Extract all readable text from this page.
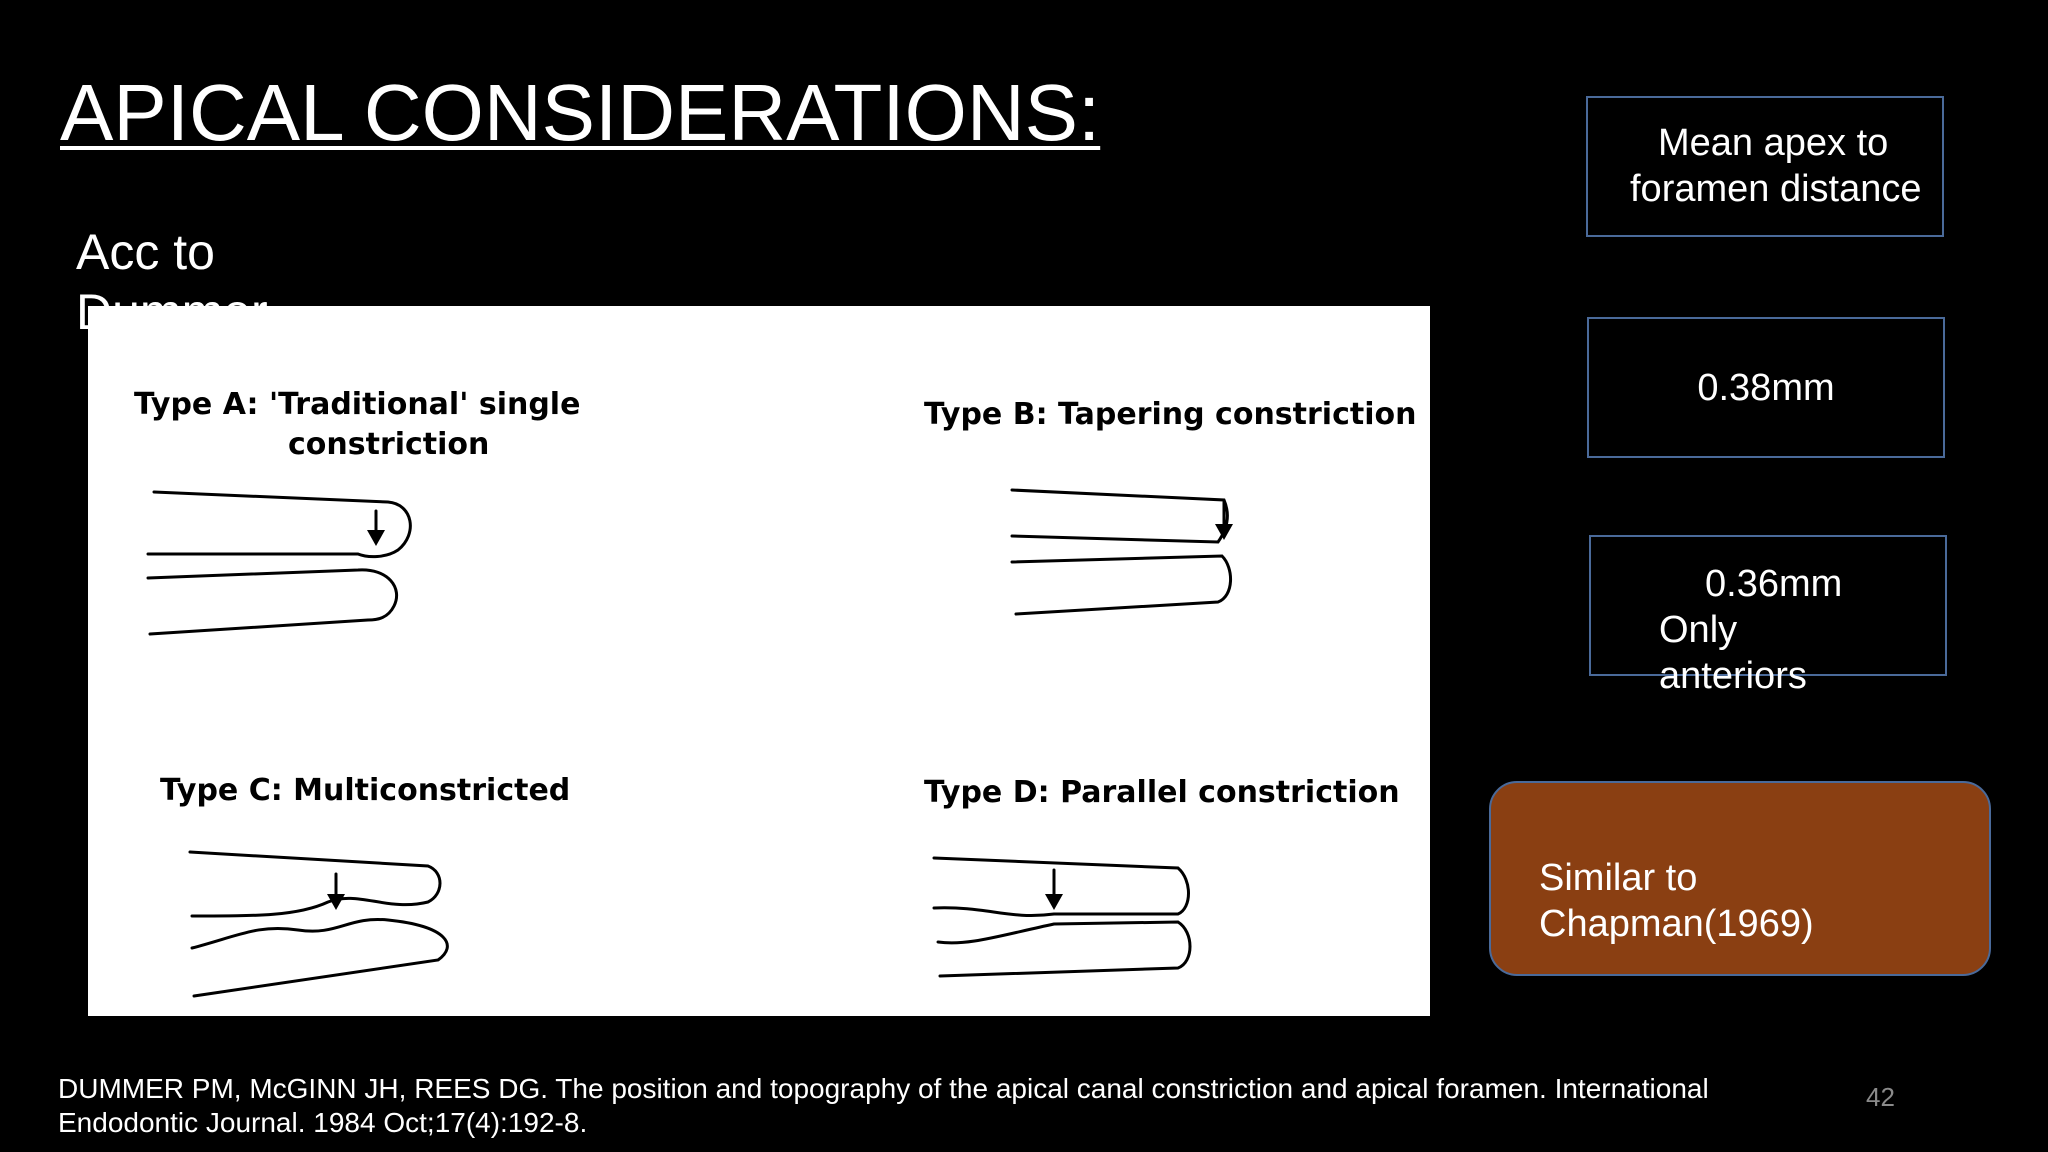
APICAL CONSIDERATIONS:
Type A: 'Traditional' single
constriction
Type B: Tapering constriction
Type C: Multiconstricted	Type D: Parallel constriction
Acc to Dummer
Mean apex to foramen distance
0.38mm
0.36mm
Only anteriors
Similar to Chapman(1969)
DUMMER PM, McGINN JH, REES DG. The position and topography of the apical canal constriction and apical foramen. International Endodontic Journal. 1984 Oct;17(4):192-8.
42
